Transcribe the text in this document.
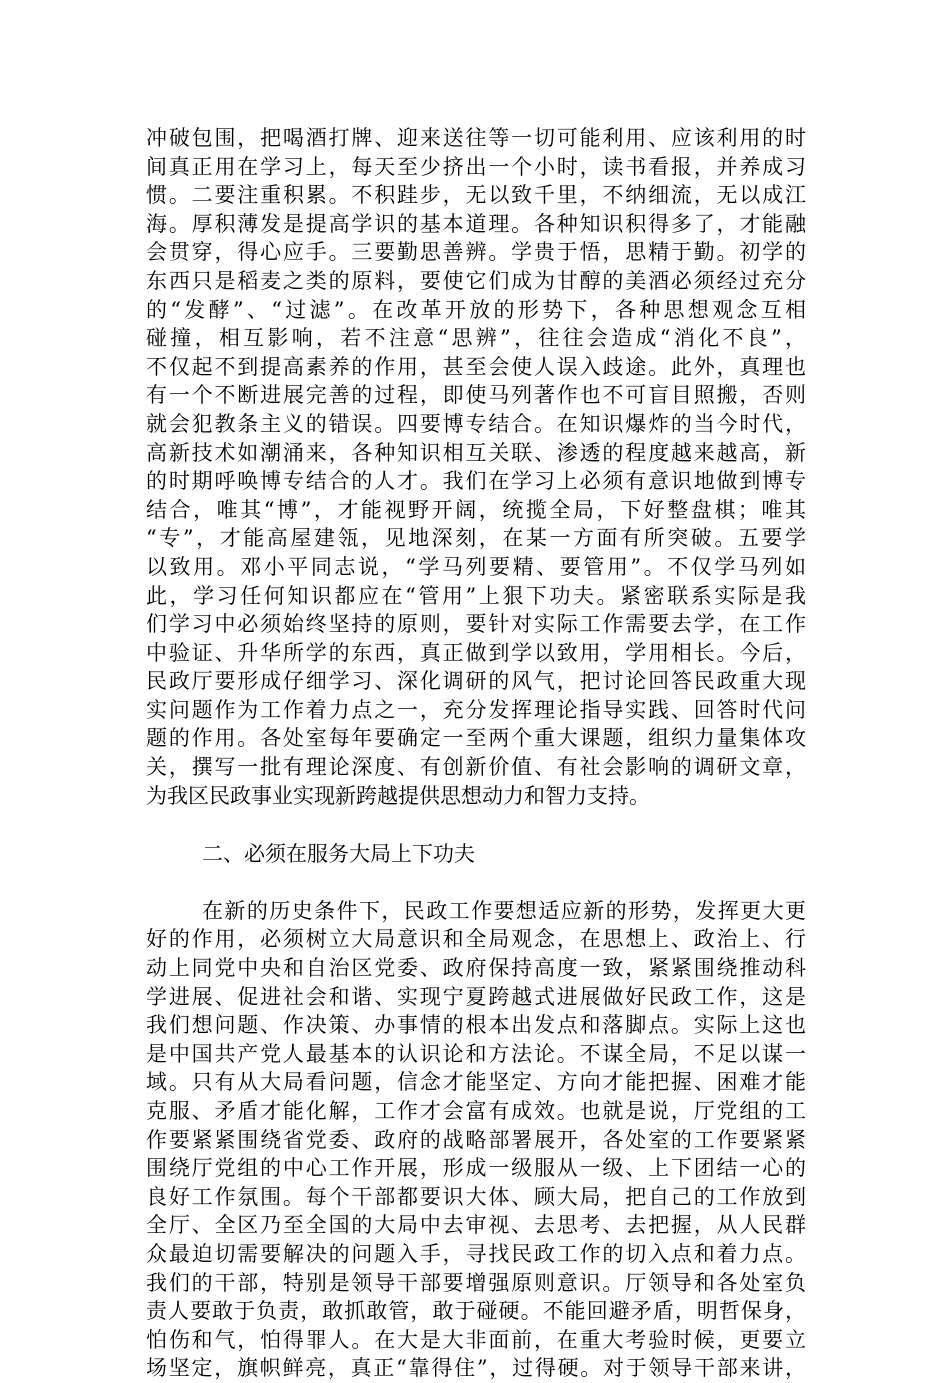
冲破包围，把喝酒打牌、迎来送往等一切可能利用、应该利用的时
间真正用在学习上，每天至少挤出一个小时，读书看报，并养成习
惯。二要注重积累。不积跬步，无以致千里，不纳细流，无以成江
海。厚积薄发是提高学识的基本道理。各种知识积得多了，才能融
会贯穿，得心应手。三要勤思善辨。学贵于悟，思精于勤。初学的
东西只是稻麦之类的原料，要使它们成为甘醇的美酒必须经过充分
的“发酵”、“过滤”。在改革开放的形势下，各种思想观念互相
碰撞，相互影响，若不注意“思辨”，往往会造成“消化不良”，
不仅起不到提高素养的作用，甚至会使人误入歧途。此外，真理也
有一个不断进展完善的过程，即使马列著作也不可盲目照搬，否则
就会犯教条主义的错误。四要博专结合。在知识爆炸的当今时代，
高新技术如潮涌来，各种知识相互关联、渗透的程度越来越高，新
的时期呼唤博专结合的人才。我们在学习上必须有意识地做到博专
结合，唯其“博”，才能视野开阔，统揽全局，下好整盘棋；唯其
“专”，才能高屋建瓴，见地深刻，在某一方面有所突破。五要学
以致用。邓小平同志说，“学马列要精、要管用”。不仅学马列如
此，学习任何知识都应在“管用”上狠下功夫。紧密联系实际是我
们学习中必须始终坚持的原则，要针对实际工作需要去学，在工作
中验证、升华所学的东西，真正做到学以致用，学用相长。今后，
民政厅要形成仔细学习、深化调研的风气，把讨论回答民政重大现
实问题作为工作着力点之一，充分发挥理论指导实践、回答时代问
题的作用。各处室每年要确定一至两个重大课题，组织力量集体攻
关，撰写一批有理论深度、有创新价值、有社会影响的调研文章，
为我区民政事业实现新跨越提供思想动力和智力支持。
二、必须在服务大局上下功夫
在新的历史条件下，民政工作要想适应新的形势，发挥更大更
好的作用，必须树立大局意识和全局观念，在思想上、政治上、行
动上同党中央和自治区党委、政府保持高度一致，紧紧围绕推动科
学进展、促进社会和谐、实现宁夏跨越式进展做好民政工作，这是
我们想问题、作决策、办事情的根本出发点和落脚点。实际上这也
是中国共产党人最基本的认识论和方法论。不谋全局，不足以谋一
域。只有从大局看问题，信念才能坚定、方向才能把握、困难才能
克服、矛盾才能化解，工作才会富有成效。也就是说，厅党组的工
作要紧紧围绕省党委、政府的战略部署展开，各处室的工作要紧紧
围绕厅党组的中心工作开展，形成一级服从一级、上下团结一心的
良好工作氛围。每个干部都要识大体、顾大局，把自己的工作放到
全厅、全区乃至全国的大局中去审视、去思考、去把握，从人民群
众最迫切需要解决的问题入手，寻找民政工作的切入点和着力点。
我们的干部，特别是领导干部要增强原则意识。厅领导和各处室负
责人要敢于负责，敢抓敢管，敢于碰硬。不能回避矛盾，明哲保身，
怕伤和气，怕得罪人。在大是大非面前，在重大考验时候，更要立
场坚定，旗帜鲜亮，真正“靠得住”，过得硬。对于领导干部来讲，
